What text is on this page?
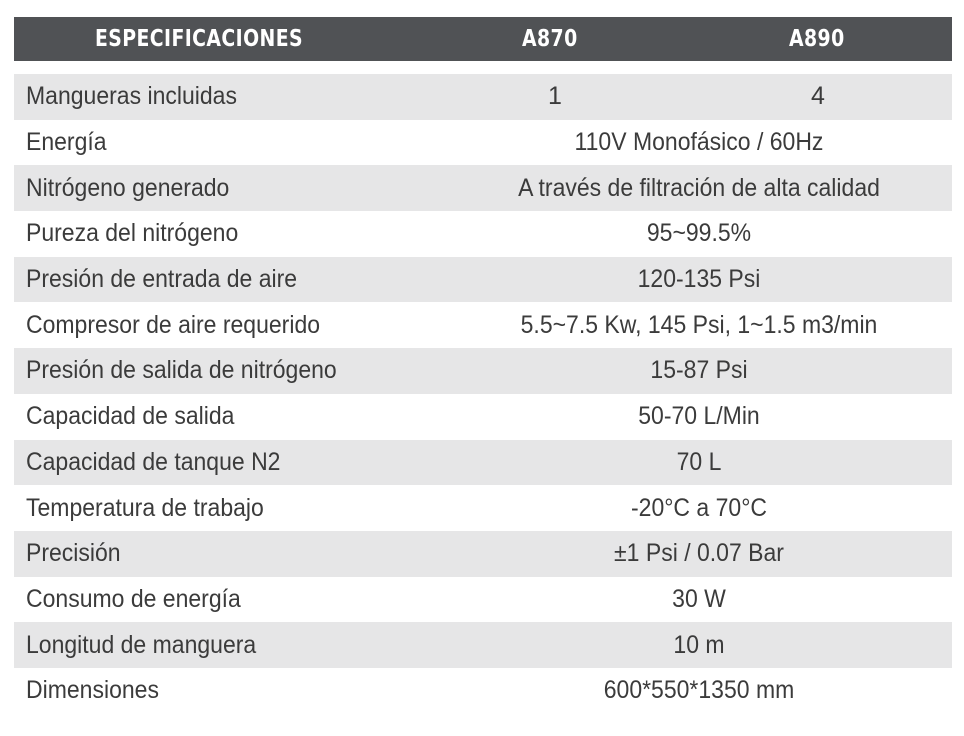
ESPECIFICACIONES	A870	A890
Mangueras incluidas	1	4
Energía	110V Monofásico / 60Hz
Nitrógeno generado	A través de filtración de alta calidad
Pureza del nitrógeno	95~99.5%
Presión de entrada de aire	120-135 Psi
Compresor de aire requerido	5.5~7.5 Kw, 145 Psi, 1~1.5 m3/min
Presión de salida de nitrógeno	15-87 Psi
Capacidad de salida	50-70 L/Min
Capacidad de tanque N2	70 L
Temperatura de trabajo	-20°C a 70°C
Precisión	±1 Psi / 0.07 Bar
Consumo de energía	30 W
Longitud de manguera	10 m
Dimensiones	600*550*1350 mm
